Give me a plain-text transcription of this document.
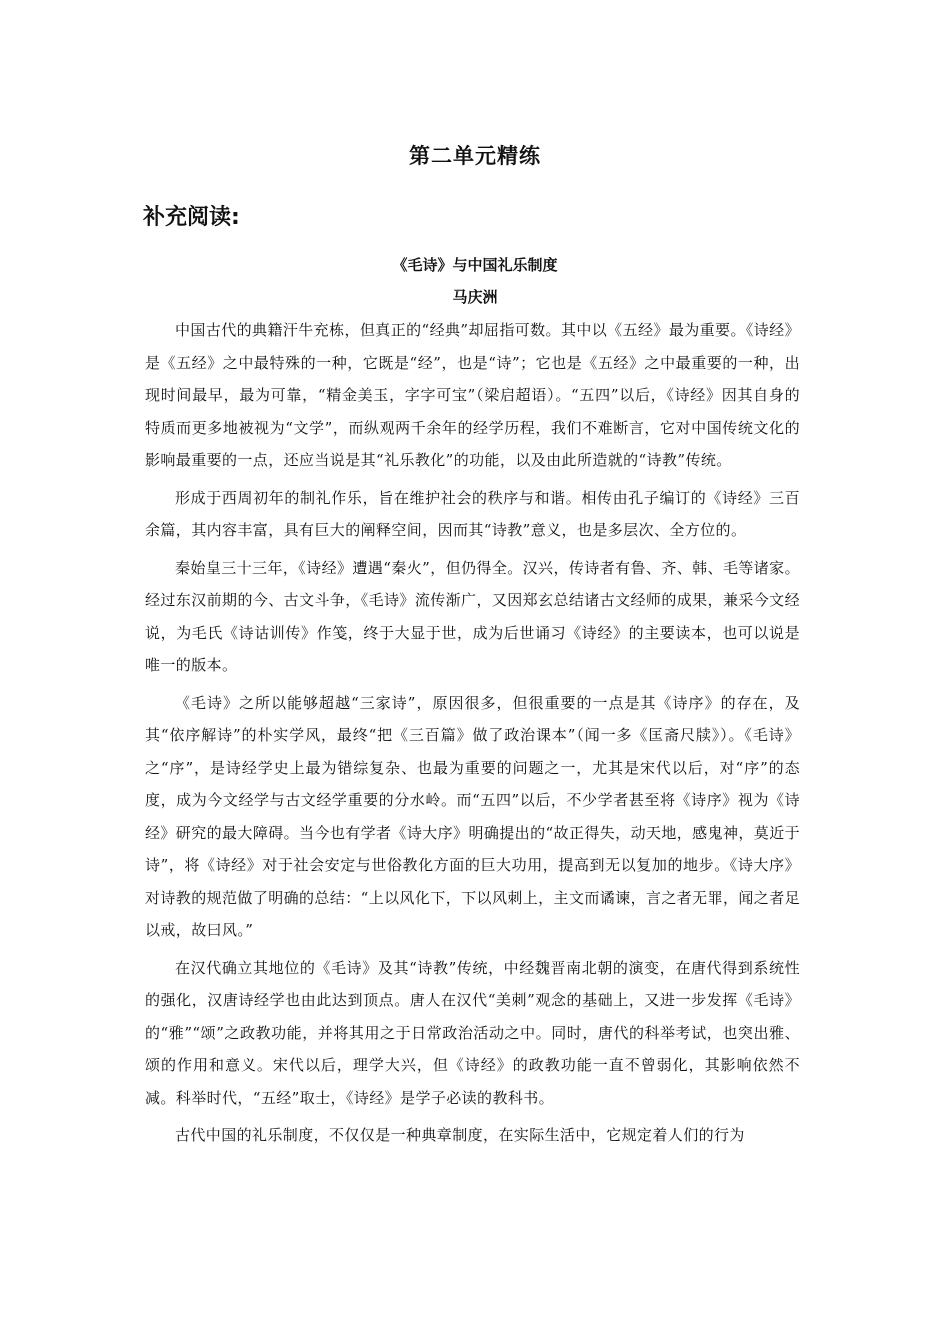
第二单元精练
补充阅读:
《毛诗》与中国礼乐制度
马庆洲

中国古代的典籍汗牛充栋，但真正的“经典”却屈指可数。其中以《五经》最为重要。《诗经》是《五经》之中最特殊的一种，它既是“经”，也是“诗”；它也是《五经》之中最重要的一种，出现时间最早，最为可靠，“精金美玉，字字可宝”（梁启超语）。“五四”以后，《诗经》因其自身的特质而更多地被视为“文学”，而纵观两千余年的经学历程，我们不难断言，它对中国传统文化的影响最重要的一点，还应当说是其“礼乐教化”的功能，以及由此所造就的“诗教”传统。

形成于西周初年的制礼作乐，旨在维护社会的秩序与和谐。相传由孔子编订的《诗经》三百余篇，其内容丰富，具有巨大的阐释空间，因而其“诗教”意义，也是多层次、全方位的。

秦始皇三十三年，《诗经》遭遇“秦火”，但仍得全。汉兴，传诗者有鲁、齐、韩、毛等诸家。经过东汉前期的今、古文斗争，《毛诗》流传渐广，又因郑玄总结诸古文经师的成果，兼采今文经说，为毛氏《诗诂训传》作笺，终于大显于世，成为后世诵习《诗经》的主要读本，也可以说是唯一的版本。

《毛诗》之所以能够超越“三家诗”，原因很多，但很重要的一点是其《诗序》的存在，及其“依序解诗”的朴实学风，最终“把《三百篇》做了政治课本”（闻一多《匡斋尺牍》）。《毛诗》之“序”，是诗经学史上最为错综复杂、也最为重要的问题之一，尤其是宋代以后，对“序”的态度，成为今文经学与古文经学重要的分水岭。而“五四”以后，不少学者甚至将《诗序》视为《诗经》研究的最大障碍。当今也有学者《诗大序》明确提出的“故正得失，动天地，感鬼神，莫近于诗”，将《诗经》对于社会安定与世俗教化方面的巨大功用，提高到无以复加的地步。《诗大序》对诗教的规范做了明确的总结：“上以风化下，下以风刺上，主文而谲谏，言之者无罪，闻之者足以戒，故曰风。”

在汉代确立其地位的《毛诗》及其“诗教”传统，中经魏晋南北朝的演变，在唐代得到系统性的强化，汉唐诗经学也由此达到顶点。唐人在汉代“美刺”观念的基础上，又进一步发挥《毛诗》的“雅”“颂”之政教功能，并将其用之于日常政治活动之中。同时，唐代的科举考试，也突出雅、颂的作用和意义。宋代以后，理学大兴，但《诗经》的政教功能一直不曾弱化，其影响依然不减。科举时代，“五经”取士，《诗经》是学子必读的教科书。

古代中国的礼乐制度，不仅仅是一种典章制度，在实际生活中，它规定着人们的行为
